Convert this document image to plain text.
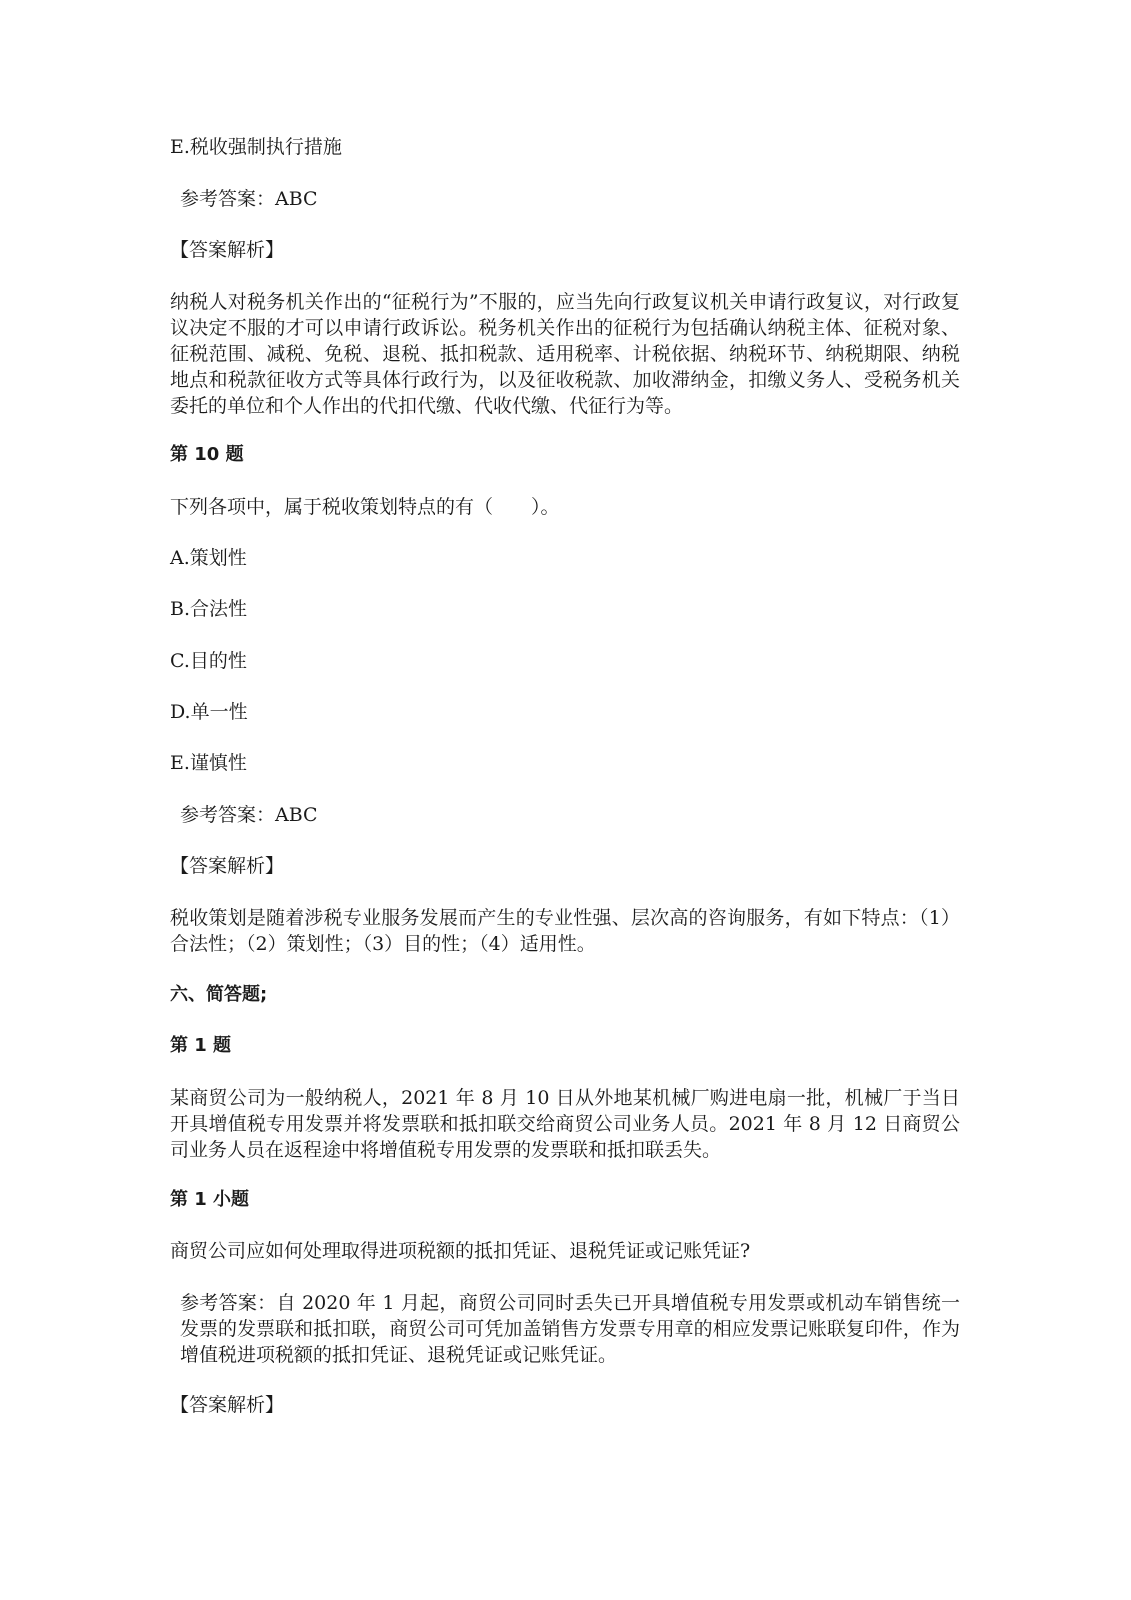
E.税收强制执行措施

参考答案：ABC

【答案解析】

纳税人对税务机关作出的“征税行为”不服的，应当先向行政复议机关申请行政复议，对行政复议决定不服的才可以申请行政诉讼。税务机关作出的征税行为包括确认纳税主体、征税对象、征税范围、减税、免税、退税、抵扣税款、适用税率、计税依据、纳税环节、纳税期限、纳税地点和税款征收方式等具体行政行为，以及征收税款、加收滞纳金，扣缴义务人、受税务机关委托的单位和个人作出的代扣代缴、代收代缴、代征行为等。

第 10 题

下列各项中，属于税收策划特点的有（　　）。

A.策划性

B.合法性

C.目的性

D.单一性

E.谨慎性

参考答案：ABC

【答案解析】

税收策划是随着涉税专业服务发展而产生的专业性强、层次高的咨询服务，有如下特点：（1）合法性；（2）策划性；（3）目的性；（4）适用性。

六、简答题;

第 1 题

某商贸公司为一般纳税人，2021 年 8 月 10 日从外地某机械厂购进电扇一批，机械厂于当日开具增值税专用发票并将发票联和抵扣联交给商贸公司业务人员。2021 年 8 月 12 日商贸公司业务人员在返程途中将增值税专用发票的发票联和抵扣联丢失。

第 1 小题

商贸公司应如何处理取得进项税额的抵扣凭证、退税凭证或记账凭证?

参考答案：自 2020 年 1 月起，商贸公司同时丢失已开具增值税专用发票或机动车销售统一发票的发票联和抵扣联，商贸公司可凭加盖销售方发票专用章的相应发票记账联复印件，作为增值税进项税额的抵扣凭证、退税凭证或记账凭证。

【答案解析】
